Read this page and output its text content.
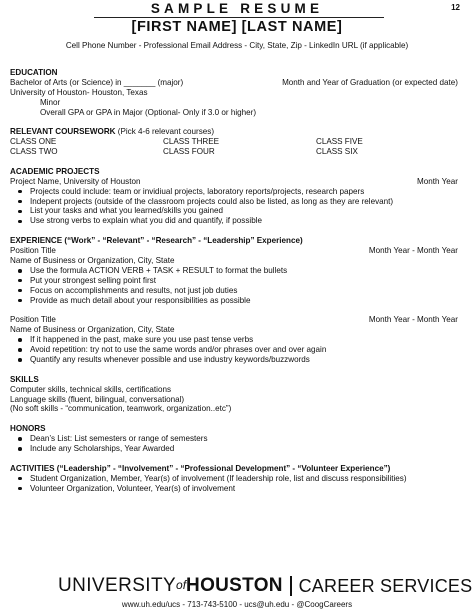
12
SAMPLE RESUME
[FIRST NAME] [LAST NAME]
Cell Phone Number - Professional Email Address - City, State, Zip - LinkedIn URL (if applicable)
EDUCATION
Bachelor of Arts (or Science) in _______ (major)	Month and Year of Graduation (or expected date)
University of Houston- Houston, Texas
Minor
Overall GPA or GPA in Major (Optional- Only if 3.0 or higher)
RELEVANT COURSEWORK (Pick 4-6 relevant courses)
CLASS ONE	CLASS THREE	CLASS FIVE
CLASS TWO	CLASS FOUR	CLASS SIX
ACADEMIC PROJECTS
Project Name, University of Houston	Month Year
Projects could include: team or invidiual projects, laboratory reports/projects, research papers
Indepent projects (outside of the classroom projects could also be listed, as long as they are relevant)
List your tasks and what you learned/skills you gained
Use strong verbs to explain what you did and quantify, if possible
EXPERIENCE (“Work” - “Relevant” - “Research” - “Leadership” Experience)
Position Title	Month Year - Month Year
Name of Business or Organization, City, State
Use the formula ACTION VERB + TASK + RESULT to format the bullets
Put your strongest selling point first
Focus on accomplishments and results, not just job duties
Provide as much detail about your responsibilities as possible
Position Title	Month Year - Month Year
Name of Business or Organization, City, State
If it happened in the past, make sure you use past tense verbs
Avoid repetition: try not to use the same words and/or phrases over and over again
Quantify any results whenever possible and use industry keywords/buzzwords
SKILLS
Computer skills, technical skills, certifications
Language skills (fluent, bilingual, conversational)
(No soft skills - “communication, teamwork, organization..etc”)
HONORS
Dean’s List: List semesters or range of semesters
Include any Scholarships, Year Awarded
ACTIVITIES (“Leadership” - “Involvement” - “Professional Development” - “Volunteer Experience”)
Student Organization, Member, Year(s) of involvement (If leadership role, list and discuss responsibilities)
Volunteer Organization, Volunteer, Year(s) of involvement
UNIVERSITY of HOUSTON CAREER SERVICES
www.uh.edu/ucs - 713-743-5100 - ucs@uh.edu - @CoogCareers
